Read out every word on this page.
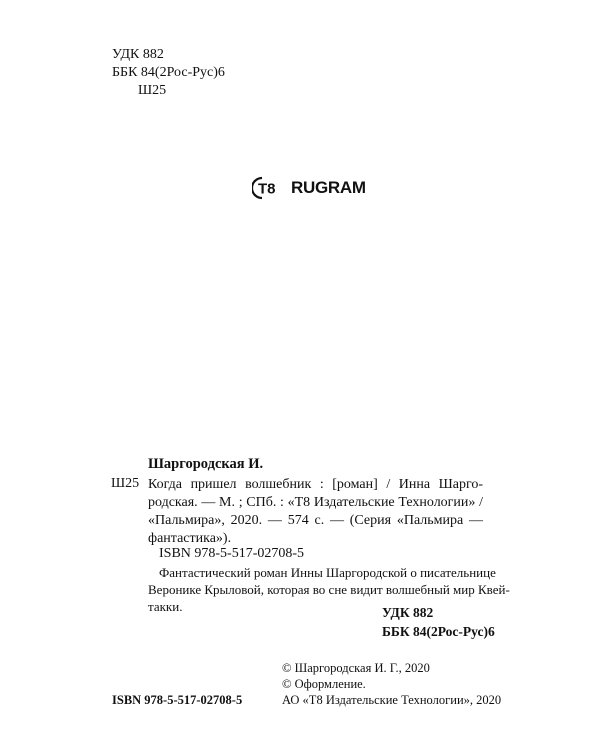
УДК 882
ББК 84(2Рос-Рус)6
Ш25
T8 RUGRAM
Шаргородская И.
Ш25 Когда пришел волшебник : [роман] / Инна Шарго-
родская. — М. ; СПб. : «Т8 Издательские Технологии» /
«Пальмира», 2020. — 574 с. — (Серия «Пальмира —
фантастика»).
ISBN 978-5-517-02708-5
Фантастический роман Инны Шаргородской о писательнице
Веронике Крыловой, которая во сне видит волшебный мир Квей-
такки.	УДК 882
ББК 84(2Рос-Рус)6
© Шаргородская И. Г., 2020
© Оформление.
АО «Т8 Издательские Технологии», 2020
ISBN 978-5-517-02708-5
